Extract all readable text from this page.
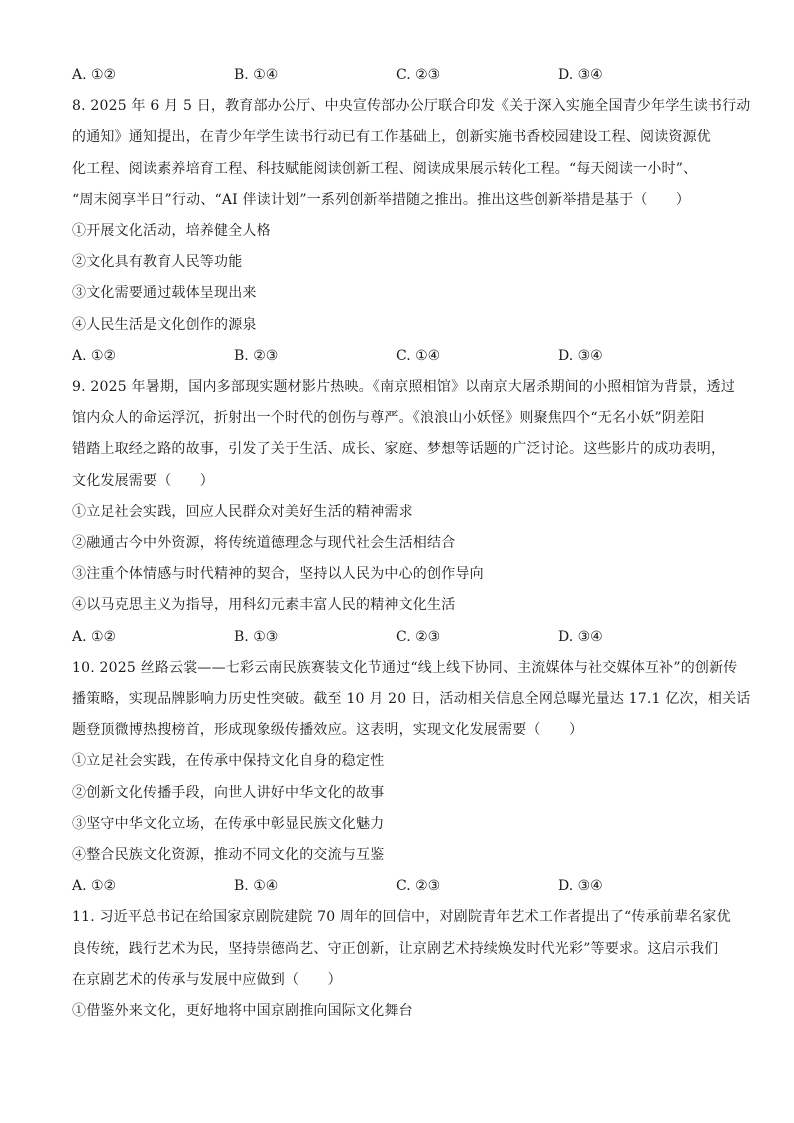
A. ①②	B. ①④	C. ②③	D. ③④
8. 2025 年 6 月 5 日，教育部办公厅、中央宣传部办公厅联合印发《关于深入实施全国青少年学生读书行动
的通知》通知提出，在青少年学生读书行动已有工作基础上，创新实施书香校园建设工程、阅读资源优
化工程、阅读素养培育工程、科技赋能阅读创新工程、阅读成果展示转化工程。“每天阅读一小时”、
“周末阅享半日”行动、“AI 伴读计划”一系列创新举措随之推出。推出这些创新举措是基于（　　）
①开展文化活动，培养健全人格
②文化具有教育人民等功能
③文化需要通过载体呈现出来
④人民生活是文化创作的源泉
A. ①②	B. ②③	C. ①④	D. ③④
9. 2025 年暑期，国内多部现实题材影片热映。《南京照相馆》以南京大屠杀期间的小照相馆为背景，透过
馆内众人的命运浮沉，折射出一个时代的创伤与尊严。《浪浪山小妖怪》则聚焦四个“无名小妖”阴差阳
错踏上取经之路的故事，引发了关于生活、成长、家庭、梦想等话题的广泛讨论。这些影片的成功表明，
文化发展需要（　　）
①立足社会实践，回应人民群众对美好生活的精神需求
②融通古今中外资源，将传统道德理念与现代社会生活相结合
③注重个体情感与时代精神的契合，坚持以人民为中心的创作导向
④以马克思主义为指导，用科幻元素丰富人民的精神文化生活
A. ①②	B. ①③	C. ②③	D. ③④
10. 2025 丝路云裳——七彩云南民族赛装文化节通过“线上线下协同、主流媒体与社交媒体互补”的创新传
播策略，实现品牌影响力历史性突破。截至 10 月 20 日，活动相关信息全网总曝光量达 17.1 亿次，相关话
题登顶微博热搜榜首，形成现象级传播效应。这表明，实现文化发展需要（　　）
①立足社会实践，在传承中保持文化自身的稳定性
②创新文化传播手段，向世人讲好中华文化的故事
③坚守中华文化立场，在传承中彰显民族文化魅力
④整合民族文化资源，推动不同文化的交流与互鉴
A. ①②	B. ①④	C. ②③	D. ③④
11. 习近平总书记在给国家京剧院建院 70 周年的回信中，对剧院青年艺术工作者提出了“传承前辈名家优
良传统，践行艺术为民，坚持崇德尚艺、守正创新，让京剧艺术持续焕发时代光彩”等要求。这启示我们
在京剧艺术的传承与发展中应做到（　　）
①借鉴外来文化，更好地将中国京剧推向国际文化舞台
